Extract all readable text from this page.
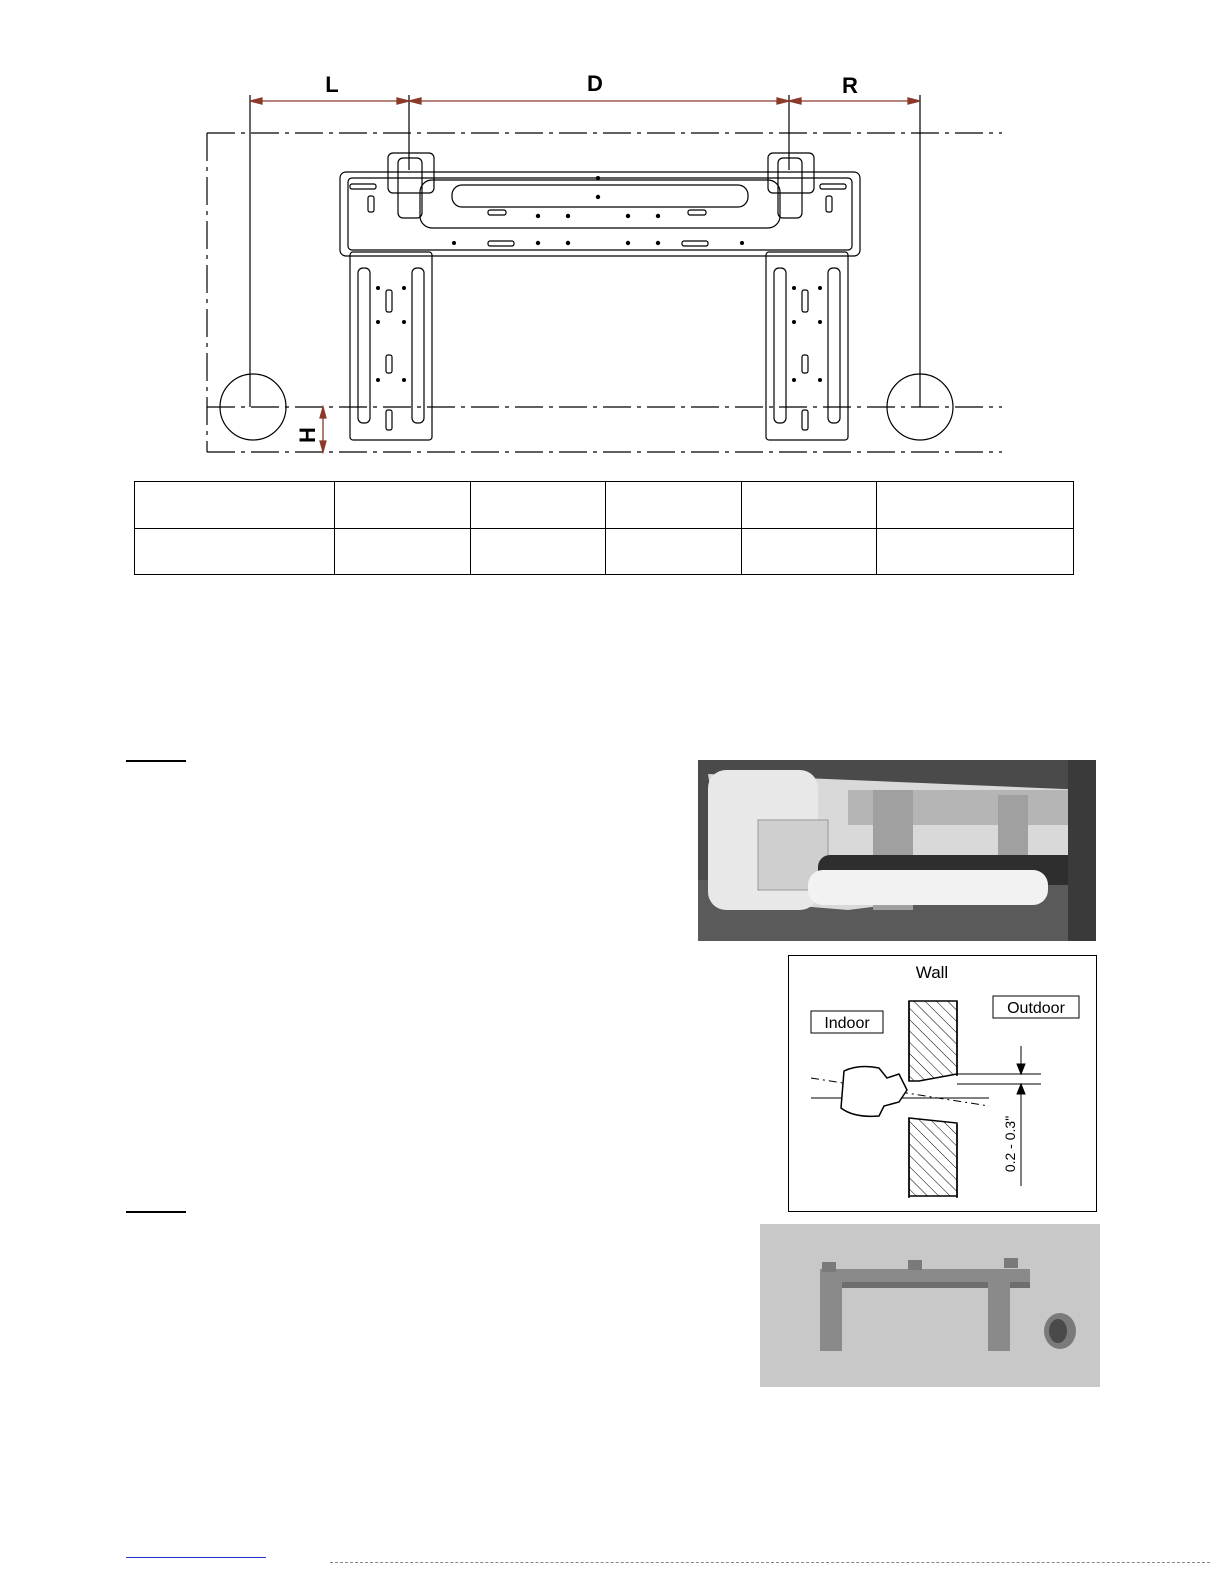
L	D	R
H

Wall
Indoor
Outdoor
0.2 - 0.3"
